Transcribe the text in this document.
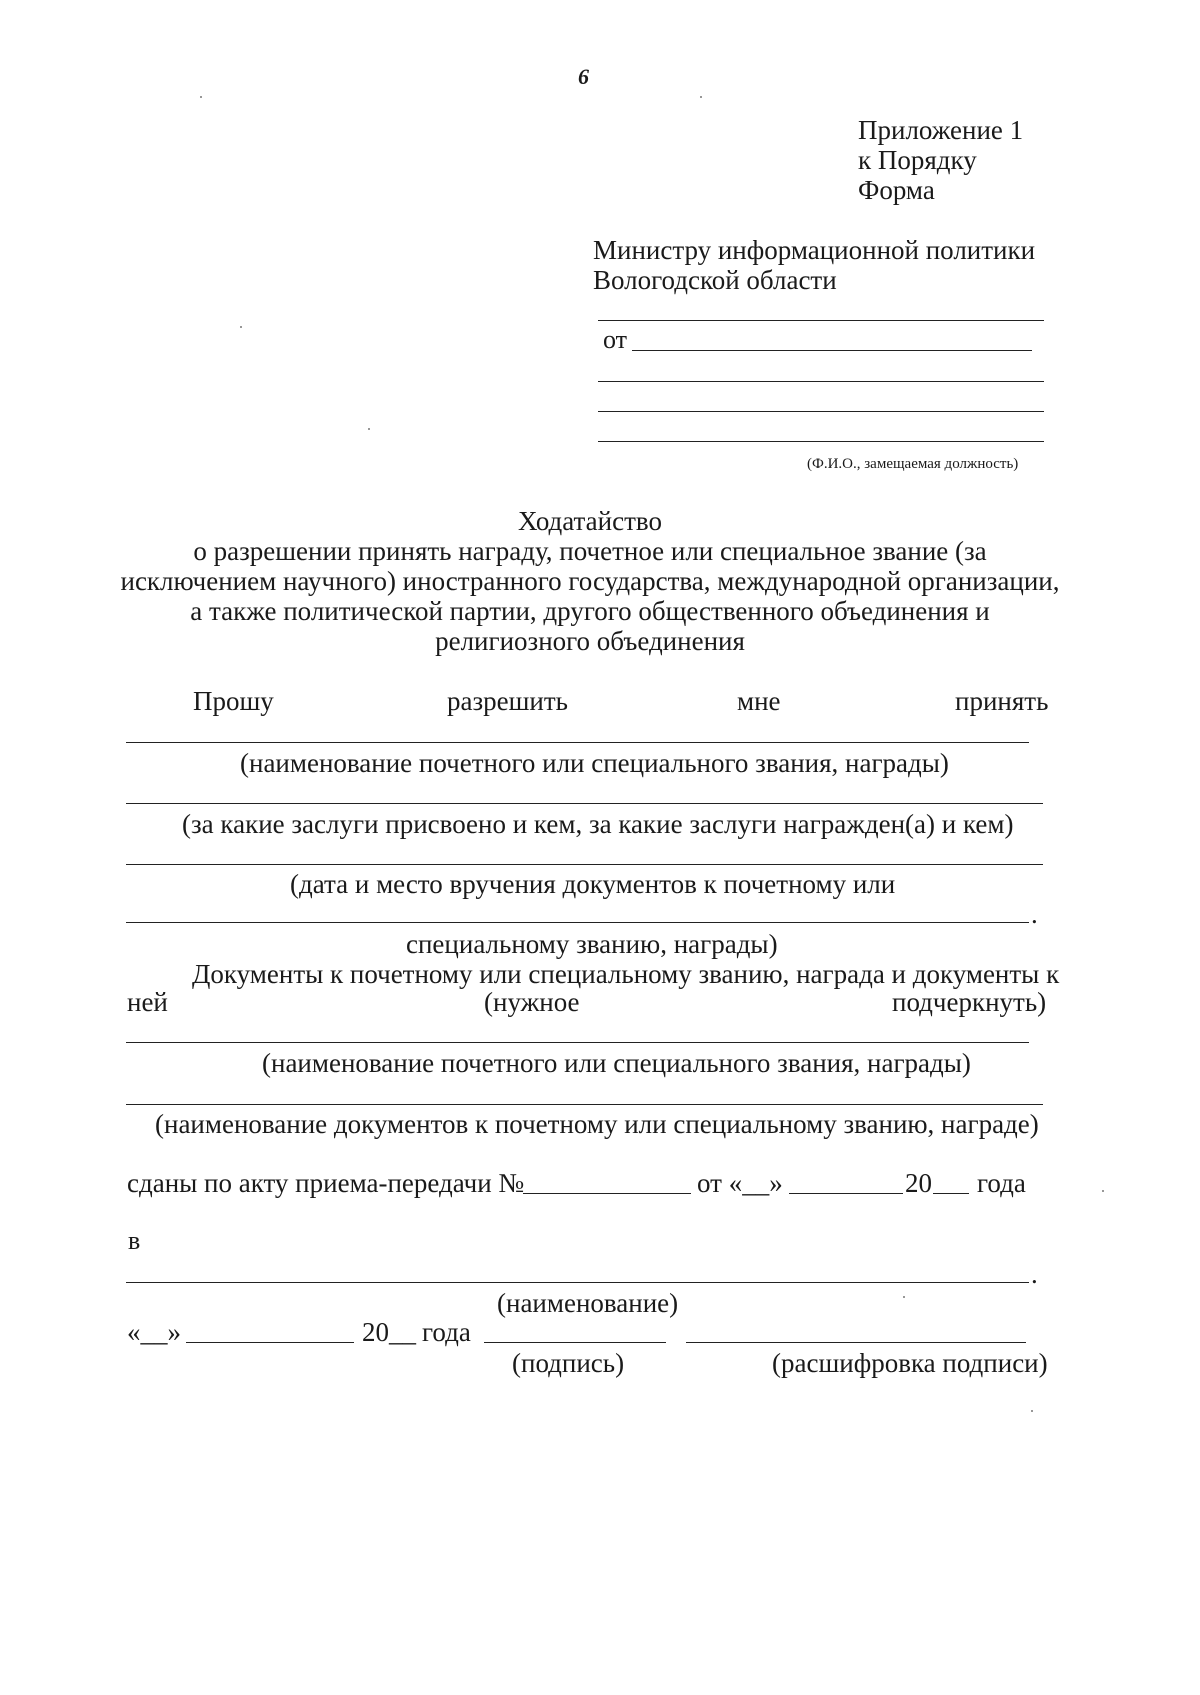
6
Приложение 1
к Порядку
Форма
Министру информационной политики
Вологодской области
от
(Ф.И.О., замещаемая должность)
Ходатайство
о разрешении принять награду, почетное или специальное звание (за
исключением научного) иностранного государства, международной организации,
а также политической партии, другого общественного объединения и
религиозного объединения
Прошу	разрешить	мне	принять
(наименование почетного или специального звания, награды)
(за какие заслуги присвоено и кем, за какие заслуги награжден(а) и кем)
(дата и место вручения документов к почетному или
.
специальному званию, награды)
Документы к почетному или специальному званию, награда и документы к
ней	(нужное	подчеркнуть)
(наименование почетного или специального звания, награды)
(наименование документов к почетному или специальному званию, награде)
сданы по акту приема-передачи №	от «__»	20 года
в
.
(наименование)
«__»	20__ года
(подпись)	(расшифровка подписи)
